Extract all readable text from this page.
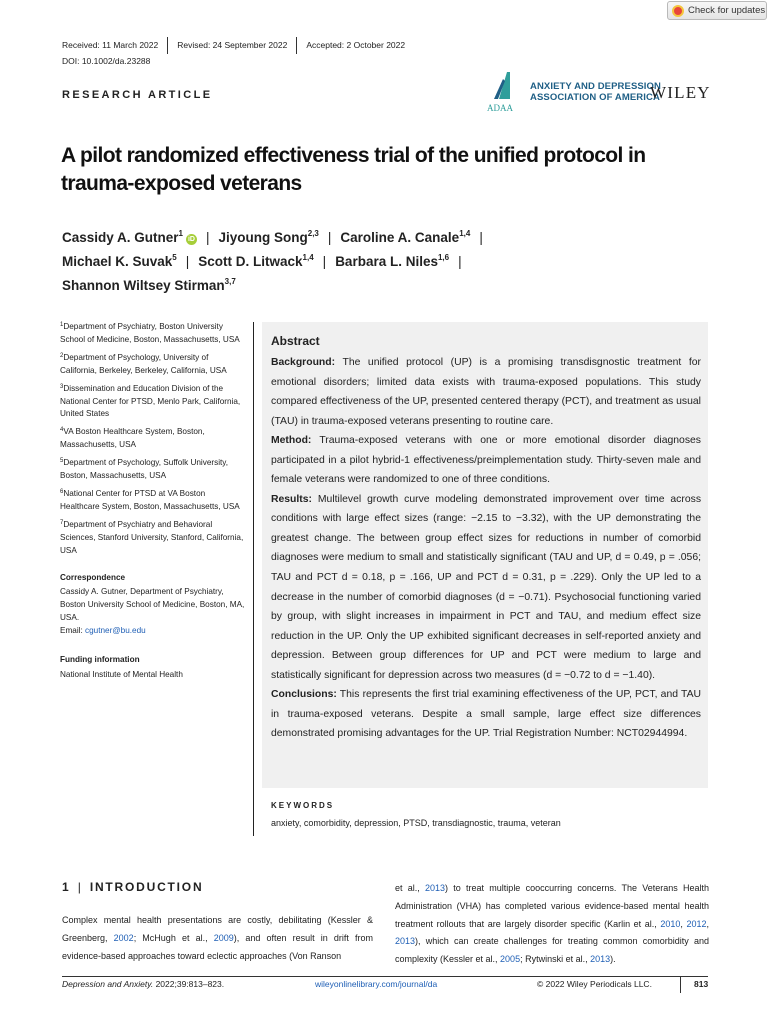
Check for updates
Received: 11 March 2022	Revised: 24 September 2022	Accepted: 2 October 2022
DOI: 10.1002/da.23288
RESEARCH ARTICLE
ADAA
ANXIETY AND DEPRESSION
ASSOCIATION OF AMERICA
WILEY
A pilot randomized effectiveness trial of the unified protocol in trauma-exposed veterans
Cassidy A. Gutner$^1$iD | Jiyoung Song$^{2,3}$ | Caroline A. Canale$^{1,4}$ |
Michael K. Suvak$^5$ | Scott D. Litwack$^{1,4}$ | Barbara L. Niles$^{1,6}$ |
Shannon Wiltsey Stirman$^{3,7}$
$^1$Department of Psychiatry, Boston University School of Medicine, Boston, Massachusetts, USA
$^2$Department of Psychology, University of California, Berkeley, Berkeley, California, USA
$^3$Dissemination and Education Division of the National Center for PTSD, Menlo Park, California, United States
$^4$VA Boston Healthcare System, Boston, Massachusetts, USA
$^5$Department of Psychology, Suffolk University, Boston, Massachusetts, USA
$^6$National Center for PTSD at VA Boston Healthcare System, Boston, Massachusetts, USA
$^7$Department of Psychiatry and Behavioral Sciences, Stanford University, Stanford, California, USA
Correspondence
Cassidy A. Gutner, Department of Psychiatry, Boston University School of Medicine, Boston, MA, USA.
Email: cgutner@bu.edu
Funding information
National Institute of Mental Health
Abstract

Background: The unified protocol (UP) is a promising transdisgnostic treatment for emotional disorders; limited data exists with trauma-exposed populations. This study compared effectiveness of the UP, presented centered therapy (PCT), and treatment as usual (TAU) in trauma-exposed veterans presenting to routine care.

Method: Trauma-exposed veterans with one or more emotional disorder diagnoses participated in a pilot hybrid-1 effectiveness/preimplementation study. Thirty-seven male and female veterans were randomized to one of three conditions.

Results: Multilevel growth curve modeling demonstrated improvement over time across conditions with large effect sizes (range: −2.15 to −3.32), with the UP demonstrating the greatest change. The between group effect sizes for reductions in number of comorbid diagnoses were medium to small and statistically significant (TAU and UP, d = 0.49, p = .056; TAU and PCT d = 0.18, p = .166, UP and PCT d = 0.31, p = .229). Only the UP led to a decrease in the number of comorbid diagnoses (d = −0.71). Psychosocial functioning varied by group, with slight increases in impairment in PCT and TAU, and medium effect size reduction in the UP. Only the UP exhibited significant decreases in self-reported anxiety and depression. Between group differences for UP and PCT were medium to large and statistically significant for depression across two measures (d = −0.72 to d = −1.40).

Conclusions: This represents the first trial examining effectiveness of the UP, PCT, and TAU in trauma-exposed veterans. Despite a small sample, large effect size differences demonstrated promising advantages for the UP. Trial Registration Number: NCT02944994.

KEYWORDS
anxiety, comorbidity, depression, PTSD, transdiagnostic, trauma, veteran
1 | INTRODUCTION
Complex mental health presentations are costly, debilitating (Kessler & Greenberg, 2002; McHugh et al., 2009), and often result in drift from evidence-based approaches toward eclectic approaches (Von Ranson
et al., 2013) to treat multiple cooccurring concerns. The Veterans Health Administration (VHA) has completed various evidence-based mental health treatment rollouts that are largely disorder specific (Karlin et al., 2010, 2012, 2013), which can create challenges for treating common comorbidity and complexity (Kessler et al., 2005; Rytwinski et al., 2013).
Depression and Anxiety. 2022;39:813–823.	wileyonlinelibrary.com/journal/da	© 2022 Wiley Periodicals LLC.	813
